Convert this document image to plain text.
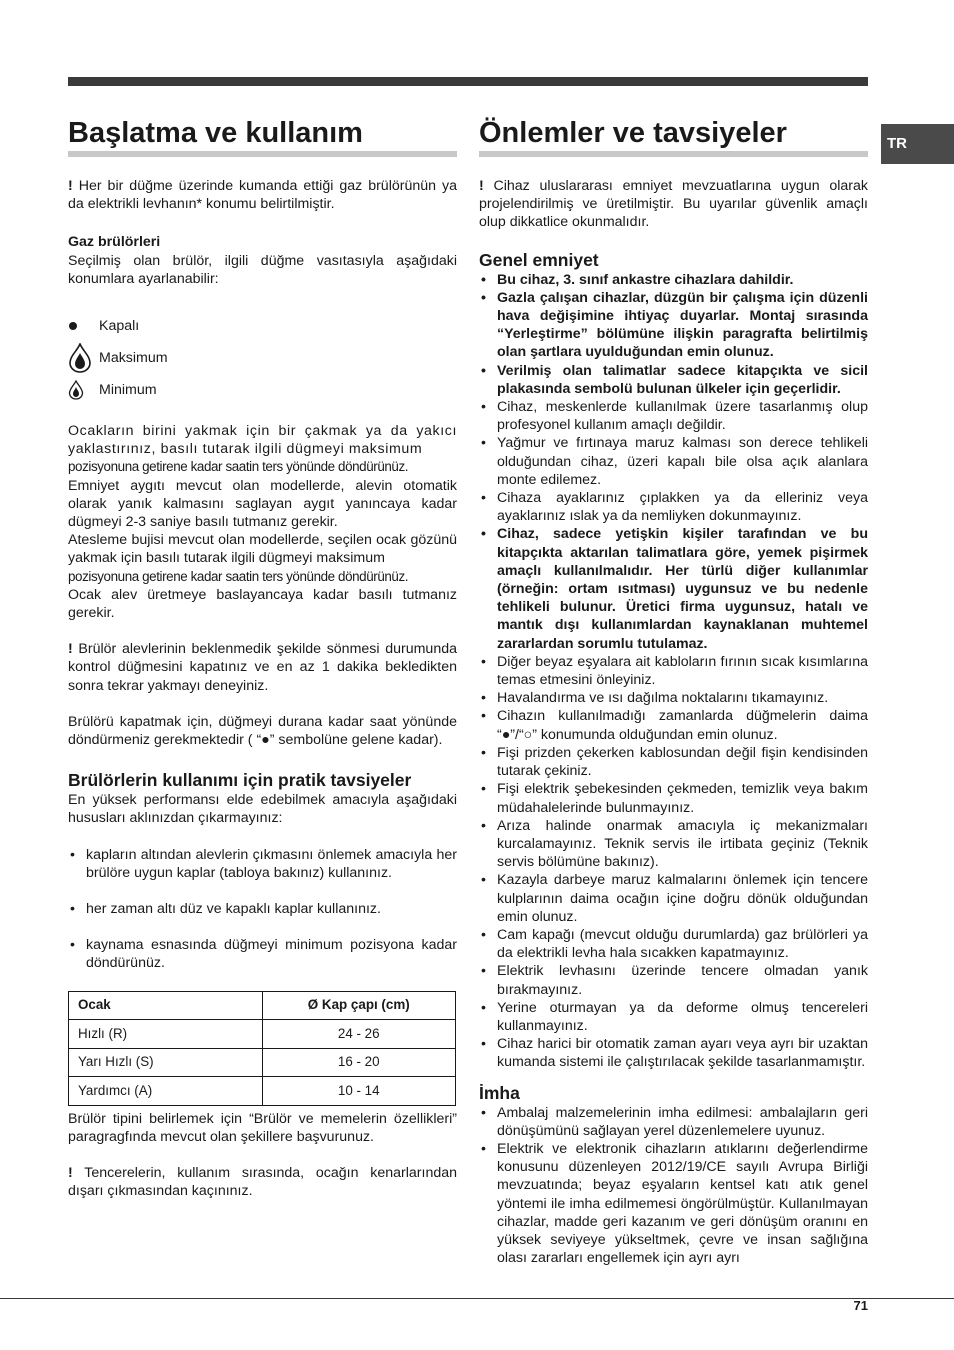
TR
Başlatma ve kullanım

! Her bir düğme üzerinde kumanda ettiği gaz brülörünün ya da elektrikli levhanın* konumu belirtilmiştir.

Gaz brülörleri

Seçilmiş olan brülör, ilgili düğme vasıtasıyla aşağıdaki konumlara ayarlanabilir:

Kapalı
Maksimum
Minimum

Ocakların birini yakmak için bir çakmak ya da yakıcı yaklastırınız, basılı tutarak ilgili dügmeyi maksimum

pozisyonuna getirene kadar saatin ters yönünde döndürünüz.

Emniyet aygıtı mevcut olan modellerde, alevin otomatik olarak yanık kalmasını saglayan aygıt yanıncaya kadar dügmeyi 2-3 saniye basılı tutmanız gerekir.

Atesleme bujisi mevcut olan modellerde, seçilen ocak gözünü yakmak için basılı tutarak ilgili dügmeyi maksimum

pozisyonuna getirene kadar saatin ters yönünde döndürünüz.

Ocak alev üretmeye baslayancaya kadar basılı tutmanız gerekir.

! Brülör alevlerinin beklenmedik şekilde sönmesi durumunda kontrol düğmesini kapatınız ve en az 1 dakika bekledikten sonra tekrar yakmayı deneyiniz.

Brülörü kapatmak için, düğmeyi durana kadar saat yönünde döndürmeniz gerekmektedir ( “●” sembolüne gelene kadar).

Brülörlerin kullanımı için pratik tavsiyeler

En yüksek performansı elde edebilmek amacıyla aşağıdaki hususları aklınızdan çıkarmayınız:

• kapların altından alevlerin çıkmasını önlemek amacıyla her brülöre uygun kaplar (tabloya bakınız) kullanınız.
• her zaman altı düz ve kapaklı kaplar kullanınız.
• kaynama esnasında düğmeyi minimum pozisyona kadar döndürünüz.
Ocak	Ø Kap çapı (cm)
Hızlı (R)	24 - 26
Yarı Hızlı (S)	16 - 20
Yardımcı (A)	10 - 14

Brülör tipini belirlemek için “Brülör ve memelerin özellikleri” paragragfında mevcut olan şekillere başvurunuz.

! Tencerelerin, kullanım sırasında, ocağın kenarlarından dışarı çıkmasından kaçınınız.

Önlemler ve tavsiyeler

! Cihaz uluslararası emniyet mevzuatlarına uygun olarak projelendirilmiş ve üretilmiştir. Bu uyarılar güvenlik amaçlı olup dikkatlice okunmalıdır.

Genel emniyet
• Bu cihaz, 3. sınıf ankastre cihazlara dahildir.
• Gazla çalışan cihazlar, düzgün bir çalışma için düzenli hava değişimine ihtiyaç duyarlar. Montaj sırasında “Yerleştirme” bölümüne ilişkin paragrafta belirtilmiş olan şartlara uyulduğundan emin olunuz.
• Verilmiş olan talimatlar sadece kitapçıkta ve sicil plakasında sembolü bulunan ülkeler için geçerlidir.
• Cihaz, meskenlerde kullanılmak üzere tasarlanmış olup profesyonel kullanım amaçlı değildir.
• Yağmur ve fırtınaya maruz kalması son derece tehlikeli olduğundan cihaz, üzeri kapalı bile olsa açık alanlara monte edilemez.
• Cihaza ayaklarınız çıplakken ya da elleriniz veya ayaklarınız ıslak ya da nemliyken dokunmayınız.
• Cihaz, sadece yetişkin kişiler tarafından ve bu kitapçıkta aktarılan talimatlara göre, yemek pişirmek amaçlı kullanılmalıdır. Her türlü diğer kullanımlar (örneğin: ortam ısıtması) uygunsuz ve bu nedenle tehlikeli bulunur. Üretici firma uygunsuz, hatalı ve mantık dışı kullanımlardan kaynaklanan muhtemel zararlardan sorumlu tutulamaz.
• Diğer beyaz eşyalara ait kabloların fırının sıcak kısımlarına temas etmesini önleyiniz.
• Havalandırma ve ısı dağılma noktalarını tıkamayınız.
• Cihazın kullanılmadığı zamanlarda düğmelerin daima “●”/“○” konumunda olduğundan emin olunuz.
• Fişi prizden çekerken kablosundan değil fişin kendisinden tutarak çekiniz.
• Fişi elektrik şebekesinden çekmeden, temizlik veya bakım müdahalelerinde bulunmayınız.
• Arıza halinde onarmak amacıyla iç mekanizmaları kurcalamayınız. Teknik servis ile irtibata geçiniz (Teknik servis bölümüne bakınız).
• Kazayla darbeye maruz kalmalarını önlemek için tencere kulplarının daima ocağın içine doğru dönük olduğundan emin olunuz.
• Cam kapağı (mevcut olduğu durumlarda) gaz brülörleri ya da elektrikli levha hala sıcakken kapatmayınız.
• Elektrik levhasını üzerinde tencere olmadan yanık bırakmayınız.
• Yerine oturmayan ya da deforme olmuş tencereleri kullanmayınız.
• Cihaz harici bir otomatik zaman ayarı veya ayrı bir uzaktan kumanda sistemi ile çalıştırılacak şekilde tasarlanmamıştır.
İmha
• Ambalaj malzemelerinin imha edilmesi: ambalajların geri dönüşümünü sağlayan yerel düzenlemelere uyunuz.
• Elektrik ve elektronik cihazların atıklarını değerlendirme konusunu düzenleyen 2012/19/CE sayılı Avrupa Birliği mevzuatında; beyaz eşyaların kentsel katı atık genel yöntemi ile imha edilmemesi öngörülmüştür. Kullanılmayan cihazlar, madde geri kazanım ve geri dönüşüm oranını en yüksek seviyeye yükseltmek, çevre ve insan sağlığına olası zararları engellemek için ayrı ayrı
71
